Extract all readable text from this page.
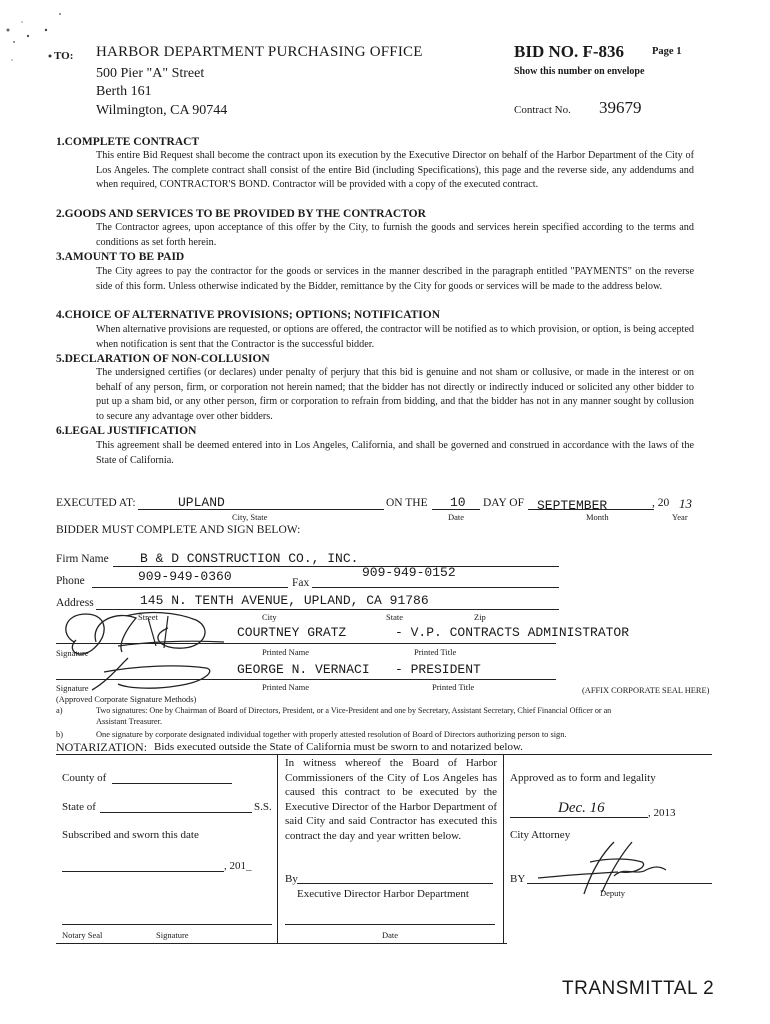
TO: HARBOR DEPARTMENT PURCHASING OFFICE
500 Pier "A" Street
Berth 161
Wilmington, CA 90744
BID NO. F-836	Page 1
Show this number on envelope
Contract No. 39679
1.COMPLETE CONTRACT
This entire Bid Request shall become the contract upon its execution by the Executive Director on behalf of the Harbor Department of the City of Los Angeles. The complete contract shall consist of the entire Bid (including Specifications), this page and the reverse side, any addendums and when required, CONTRACTOR'S BOND. Contractor will be provided with a copy of the executed contract.
2.GOODS AND SERVICES TO BE PROVIDED BY THE CONTRACTOR
The Contractor agrees, upon acceptance of this offer by the City, to furnish the goods and services herein specified according to the terms and conditions as set forth herein.
3.AMOUNT TO BE PAID
The City agrees to pay the contractor for the goods or services in the manner described in the paragraph entitled "PAYMENTS" on the reverse side of this form. Unless otherwise indicated by the Bidder, remittance by the City for goods or services will be made to the address below.
4.CHOICE OF ALTERNATIVE PROVISIONS; OPTIONS; NOTIFICATION
When alternative provisions are requested, or options are offered, the contractor will be notified as to which provision, or option, is being accepted when notification is sent that the Contractor is the successful bidder.
5.DECLARATION OF NON-COLLUSION
The undersigned certifies (or declares) under penalty of perjury that this bid is genuine and not sham or collusive, or made in the interest or on behalf of any person, firm, or corporation not herein named; that the bidder has not directly or indirectly induced or solicited any other bidder to put up a sham bid, or any other person, firm or corporation to refrain from bidding, and that the bidder has not in any manner sought by collusion to secure any advantage over other bidders.
6.LEGAL JUSTIFICATION
This agreement shall be deemed entered into in Los Angeles, California, and shall be governed and construed in accordance with the laws of the State of California.
EXECUTED AT:	UPLAND
City, State
ON THE 10
Date
DAY OF SEPTEMBER
Month
, 20 13
Year
BIDDER MUST COMPLETE AND SIGN BELOW:
Firm Name B & D CONSTRUCTION CO., INC.
Phone	909-949-0360	Fax
909-949-0152
Address	145 N. TENTH AVENUE, UPLAND, CA 91786
Street	City	State	Zip
Signature
COURTNEY GRATZ	- V.P. CONTRACTS ADMINISTRATOR
Printed Name	Printed Title
Signature
GEORGE N. VERNACI - PRESIDENT
Printed Name	Printed Title
(Approved Corporate Signature Methods)
(AFFIX CORPORATE SEAL HERE)
a)	Two signatures: One by Chairman of Board of Directors, President, or a Vice-President and one by Secretary, Assistant Secretary, Chief Financial Officer or an
Assistant Treasurer.
b)	One signature by corporate designated individual together with properly attested resolution of Board of Directors authorizing person to sign.
NOTARIZATION: Bids executed outside the State of California must be sworn to and notarized below.
County of
State of	S.S.
Subscribed and sworn this date
, 201_
Notary Seal	Signature
In witness whereof the Board of Harbor Commissioners of the City of Los Angeles has caused this contract to be executed by the Executive Director of the Harbor Department of said City and said Contractor has executed this contract the day and year written below.
By
Executive Director Harbor Department
Date
Approved as to form and legality
Dec. 16	, 2013
City Attorney
BY
Deputy
TRANSMITTAL 2
